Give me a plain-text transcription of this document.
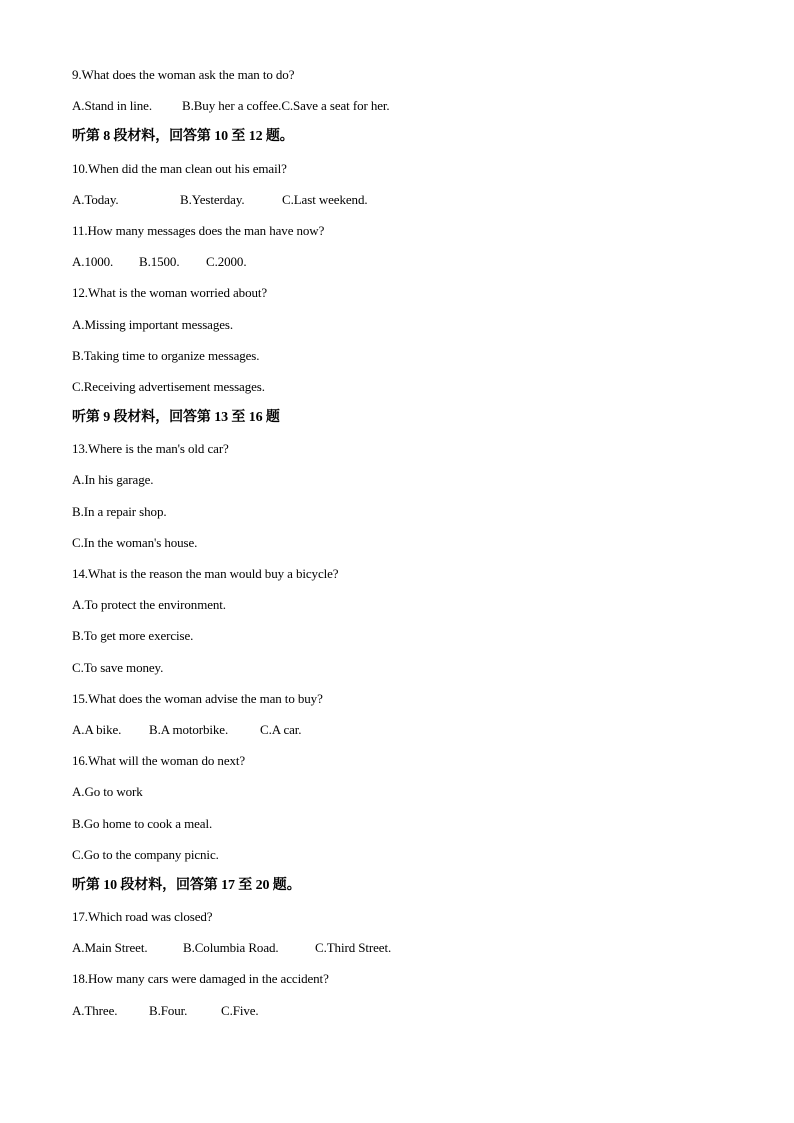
9.What does the woman ask the man to do?
A.Stand in line. B.Buy her a coffee.C.Save a seat for her.
听第 8 段材料，回答第 10 至 12 题。
10.When did the man clean out his email?
A.Today.	B.Yesterday.	C.Last weekend.
11.How many messages does the man have now?
A.1000. B.1500. C.2000.
12.What is the woman worried about?
A.Missing important messages.
B.Taking time to organize messages.
C.Receiving advertisement messages.
听第 9 段材料，回答第 13 至 16 题
13.Where is the man's old car?
A.In his garage.
B.In a repair shop.
C.In the woman's house.
14.What is the reason the man would buy a bicycle?
A.To protect the environment.
B.To get more exercise.
C.To save money.
15.What does the woman advise the man to buy?
A.A bike. B.A motorbike. C.A car.
16.What will the woman do next?
A.Go to work
B.Go home to cook a meal.
C.Go to the company picnic.
听第 10 段材料，回答第 17 至 20 题。
17.Which road was closed?
A.Main Street.	B.Columbia Road.	C.Third Street.
18.How many cars were damaged in the accident?
A.Three. B.Four.	C.Five.
